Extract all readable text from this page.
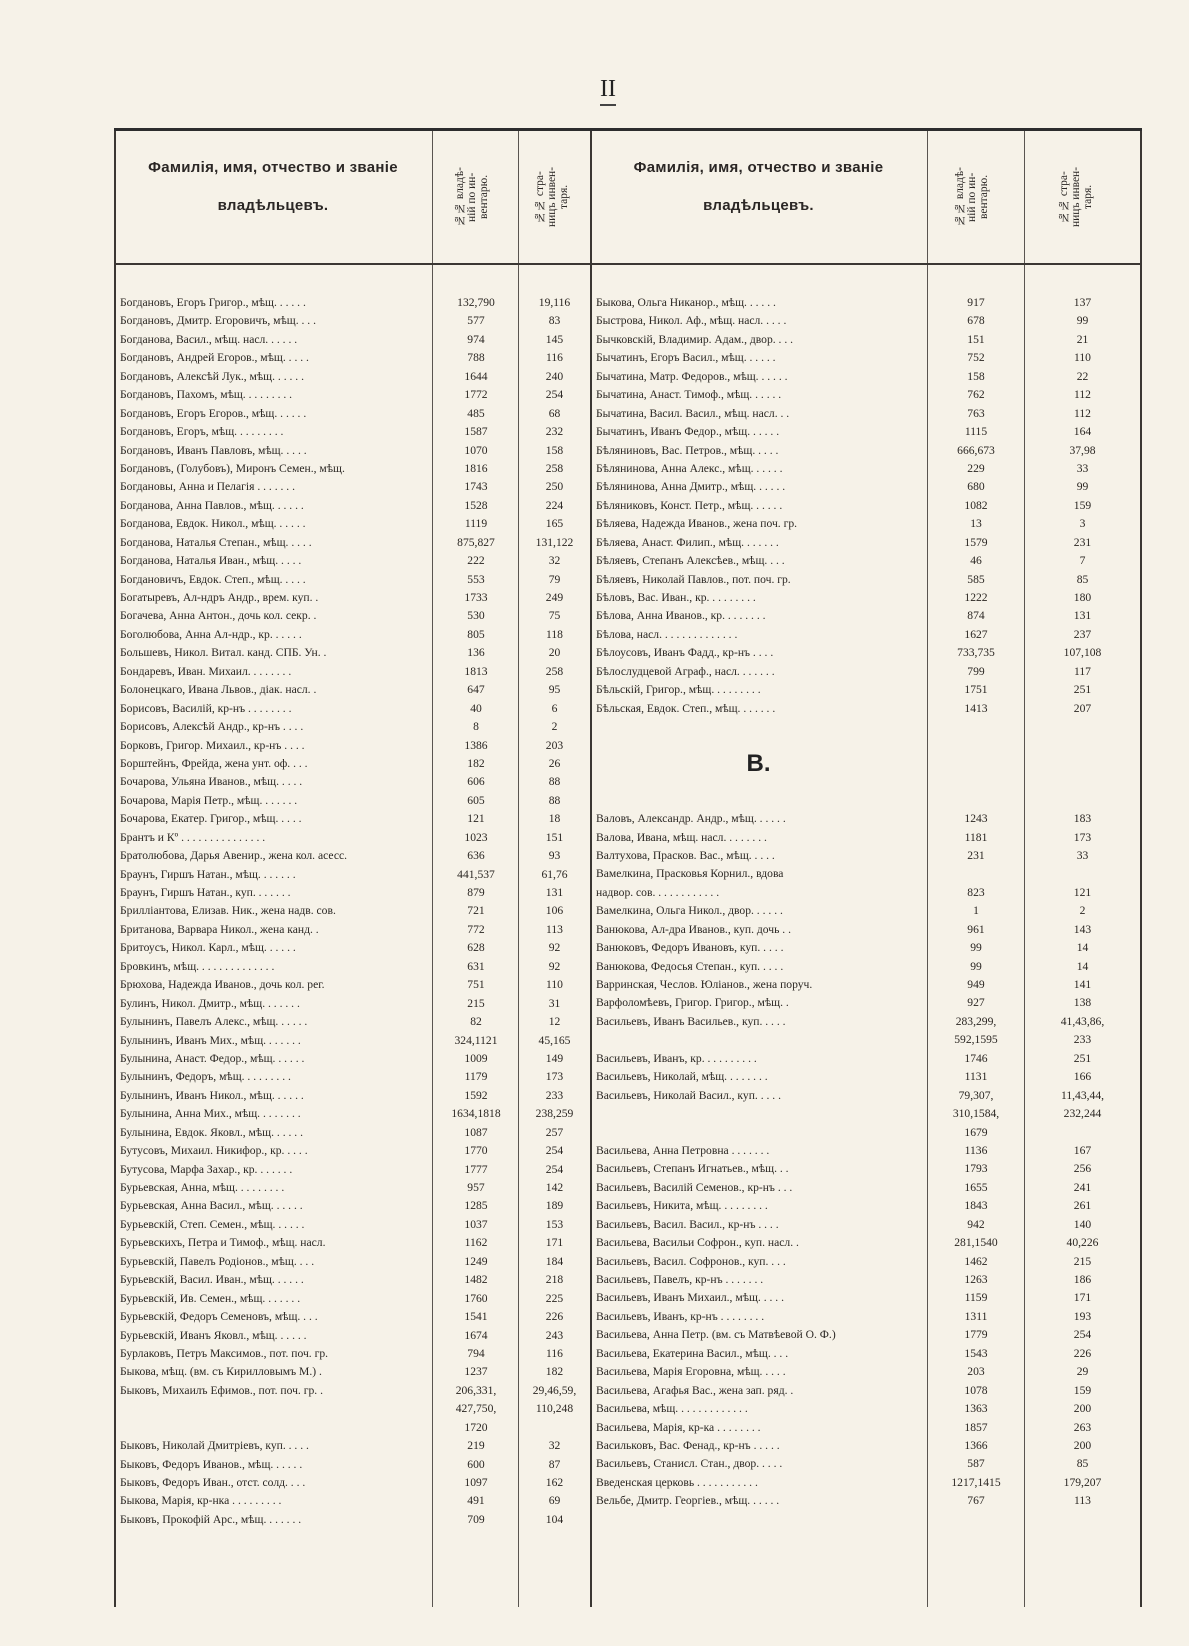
II
Фамилія, имя, отчество и званіе
владѣльцевъ.	№№ владѣ-
ній по ин-
вентарю.	№№ стра-
ницъ инвен-
таря.
Фамилія, имя, отчество и званіе
владѣльцевъ.	№№ владѣ-
ній по ин-
вентарю.	№№ стра-
ницъ инвен-
таря.
Богдановъ, Егоръ Григор., мѣщ. . . . . .	132,790	19,116
Богдановъ, Дмитр. Егоровичъ, мѣщ. . . .	577	83
Богданова, Васил., мѣщ. насл. . . . . .	974	145
Богдановъ, Андрей Егоров., мѣщ. . . . .	788	116
Богдановъ, Алексѣй Лук., мѣщ. . . . . .	1644	240
Богдановъ, Пахомъ, мѣщ. . . . . . . . .	1772	254
Богдановъ, Егоръ Егоров., мѣщ. . . . . .	485	68
Богдановъ, Егоръ, мѣщ. . . . . . . . .	1587	232
Богдановъ, Иванъ Павловъ, мѣщ. . . . .	1070	158
Богдановъ, (Голубовъ), Миронъ Семен., мѣщ.	1816	258
Богдановы, Анна и Пелагія . . . . . . .	1743	250
Богданова, Анна Павлов., мѣщ. . . . . .	1528	224
Богданова, Евдок. Никол., мѣщ. . . . . .	1119	165
Богданова, Наталья Степан., мѣщ. . . . .	875,827	131,122
Богданова, Наталья Иван., мѣщ. . . . .	222	32
Богдановичъ, Евдок. Степ., мѣщ. . . . .	553	79
Богатыревъ, Ал-ндръ Андр., врем. куп. .	1733	249
Богачева, Анна Антон., дочь кол. секр. .	530	75
Боголюбова, Анна Ал-ндр., кр. . . . . .	805	118
Большевъ, Никол. Витал. канд. СПБ. Ун. .	136	20
Бондаревъ, Иван. Михаил. . . . . . . .	1813	258
Болонецкаго, Ивана Львов., діак. насл. .	647	95
Борисовъ, Василій, кр-нъ . . . . . . . .	40	6
Борисовъ, Алексѣй Андр., кр-нъ . . . .	8	2
Борковъ, Григор. Михаил., кр-нъ . . . .	1386	203
Борштейнъ, Фрейда, жена унт. оф. . . .	182	26
Бочарова, Ульяна Иванов., мѣщ. . . . .	606	88
Бочарова, Марія Петр., мѣщ. . . . . . .	605	88
Бочарова, Екатер. Григор., мѣщ. . . . .	121	18
Брантъ и Кº . . . . . . . . . . . . . . .	1023	151
Братолюбова, Дарья Авенир., жена кол. асесс.	636	93
Браунъ, Гиршъ Натан., мѣщ. . . . . . .	441,537	61,76
Браунъ, Гиршъ Натан., куп. . . . . . .	879	131
Брилліантова, Елизав. Ник., жена надв. сов.	721	106
Британова, Варвара Никол., жена канд. .	772	113
Бритоусъ, Никол. Карл., мѣщ. . . . . .	628	92
Бровкинъ, мѣщ. . . . . . . . . . . . . .	631	92
Брюхова, Надежда Иванов., дочь кол. рег.	751	110
Булинъ, Никол. Дмитр., мѣщ. . . . . . .	215	31
Булынинъ, Павелъ Алекс., мѣщ. . . . . .	82	12
Булынинъ, Иванъ Мих., мѣщ. . . . . . .	324,1121	45,165
Булынина, Анаст. Федор., мѣщ. . . . . .	1009	149
Булынинъ, Федоръ, мѣщ. . . . . . . . .	1179	173
Булынинъ, Иванъ Никол., мѣщ. . . . . .	1592	233
Булынина, Анна Мих., мѣщ. . . . . . . .	1634,1818	238,259
Булынина, Евдок. Яковл., мѣщ. . . . . .	1087	257
Бутусовъ, Михаил. Никифор., кр. . . . .	1770	254
Бутусова, Марфа Захар., кр. . . . . . .	1777	254
Бурьевская, Анна, мѣщ. . . . . . . . .	957	142
Бурьевская, Анна Васил., мѣщ. . . . . .	1285	189
Бурьевскій, Степ. Семен., мѣщ. . . . . .	1037	153
Бурьевскихъ, Петра и Тимоф., мѣщ. насл.	1162	171
Бурьевскій, Павелъ Родіонов., мѣщ. . . .	1249	184
Бурьевскій, Васил. Иван., мѣщ. . . . . .	1482	218
Бурьевскій, Ив. Семен., мѣщ. . . . . . .	1760	225
Бурьевскій, Федоръ Семеновъ, мѣщ. . . .	1541	226
Бурьевскій, Иванъ Яковл., мѣщ. . . . . .	1674	243
Бурлаковъ, Петръ Максимов., пот. поч. гр.	794	116
Быкова, мѣщ. (вм. съ Кирилловымъ М.) .	1237	182
Быковъ, Михаилъ Ефимов., пот. поч. гр. .	206,331,	29,46,59,
427,750,	110,248
1720
Быковъ, Николай Дмитріевъ, куп. . . . .	219	32
Быковъ, Федоръ Иванов., мѣщ. . . . . .	600	87
Быковъ, Федоръ Иван., отст. солд. . . .	1097	162
Быкова, Марія, кр-нка . . . . . . . . .	491	69
Быковъ, Прокофій Арс., мѣщ. . . . . . .	709	104
Быкова, Ольга Никанор., мѣщ. . . . . .	917	137
Быстрова, Никол. Аф., мѣщ. насл. . . . .	678	99
Бычковскій, Владимир. Адам., двор. . . .	151	21
Бычатинъ, Егоръ Васил., мѣщ. . . . . .	752	110
Бычатина, Матр. Федоров., мѣщ. . . . . .	158	22
Бычатина, Анаст. Тимоф., мѣщ. . . . . .	762	112
Бычатина, Васил. Васил., мѣщ. насл. . .	763	112
Бычатинъ, Иванъ Федор., мѣщ. . . . . .	1115	164
Бѣляниновъ, Вас. Петров., мѣщ. . . . .	666,673	37,98
Бѣлянинова, Анна Алекс., мѣщ. . . . . .	229	33
Бѣлянинова, Анна Дмитр., мѣщ. . . . . .	680	99
Бѣляниковъ, Конст. Петр., мѣщ. . . . . .	1082	159
Бѣляева, Надежда Иванов., жена поч. гр.	13	3
Бѣляева, Анаст. Филип., мѣщ. . . . . . .	1579	231
Бѣляевъ, Степанъ Алексѣев., мѣщ. . . .	46	7
Бѣляевъ, Николай Павлов., пот. поч. гр.	585	85
Бѣловъ, Вас. Иван., кр. . . . . . . . .	1222	180
Бѣлова, Анна Иванов., кр. . . . . . . .	874	131
Бѣлова, насл. . . . . . . . . . . . . .	1627	237
Бѣлоусовъ, Иванъ Фадд., кр-нъ . . . .	733,735	107,108
Бѣлослудцевой Аграф., насл. . . . . . .	799	117
Бѣльскій, Григор., мѣщ. . . . . . . . .	1751	251
Бѣльская, Евдок. Степ., мѣщ. . . . . . .	1413	207
В.
Валовъ, Александр. Андр., мѣщ. . . . . .	1243	183
Валова, Ивана, мѣщ. насл. . . . . . . .	1181	173
Валтухова, Прасков. Вас., мѣщ. . . . .	231	33
Вамелкина, Прасковья Корнил., вдова
надвор. сов. . . . . . . . . . . .	823	121
Вамелкина, Ольга Никол., двор. . . . . .	1	2
Ванюкова, Ал-дра Иванов., куп. дочь . .	961	143
Ванюковъ, Федоръ Ивановъ, куп. . . . .	99	14
Ванюкова, Федосья Степан., куп. . . . .	99	14
Варринская, Чеслов. Юліанов., жена поруч.	949	141
Варфоломѣевъ, Григор. Григор., мѣщ. .	927	138
Васильевъ, Иванъ Васильев., куп. . . . .	283,299,	41,43,86,
592,1595	233
Васильевъ, Иванъ, кр. . . . . . . . . .	1746	251
Васильевъ, Николай, мѣщ. . . . . . . .	1131	166
Васильевъ, Николай Васил., куп. . . . .	79,307,	11,43,44,
310,1584,	232,244
1679
Васильева, Анна Петровна . . . . . . .	1136	167
Васильевъ, Степанъ Игнатьев., мѣщ. . .	1793	256
Васильевъ, Василій Семенов., кр-нъ . . .	1655	241
Васильевъ, Никита, мѣщ. . . . . . . . .	1843	261
Васильевъ, Васил. Васил., кр-нъ . . . .	942	140
Васильева, Васильи Софрон., куп. насл. .	281,1540	40,226
Васильевъ, Васил. Софронов., куп. . . .	1462	215
Васильевъ, Павелъ, кр-нъ . . . . . . .	1263	186
Васильевъ, Иванъ Михаил., мѣщ. . . . .	1159	171
Васильевъ, Иванъ, кр-нъ . . . . . . . .	1311	193
Васильева, Анна Петр. (вм. съ Матвѣевой О. Ф.)	1779	254
Васильева, Екатерина Васил., мѣщ. . . .	1543	226
Васильева, Марія Егоровна, мѣщ. . . . .	203	29
Васильева, Агафья Вас., жена зап. ряд. .	1078	159
Васильева, мѣщ. . . . . . . . . . . . .	1363	200
Васильева, Марія, кр-ка . . . . . . . .	1857	263
Васильковъ, Вас. Фенад., кр-нъ . . . . .	1366	200
Васильевъ, Станисл. Стан., двор. . . . .	587	85
Введенская церковь . . . . . . . . . . .	1217,1415	179,207
Вельбе, Дмитр. Георгіев., мѣщ. . . . . .	767	113
